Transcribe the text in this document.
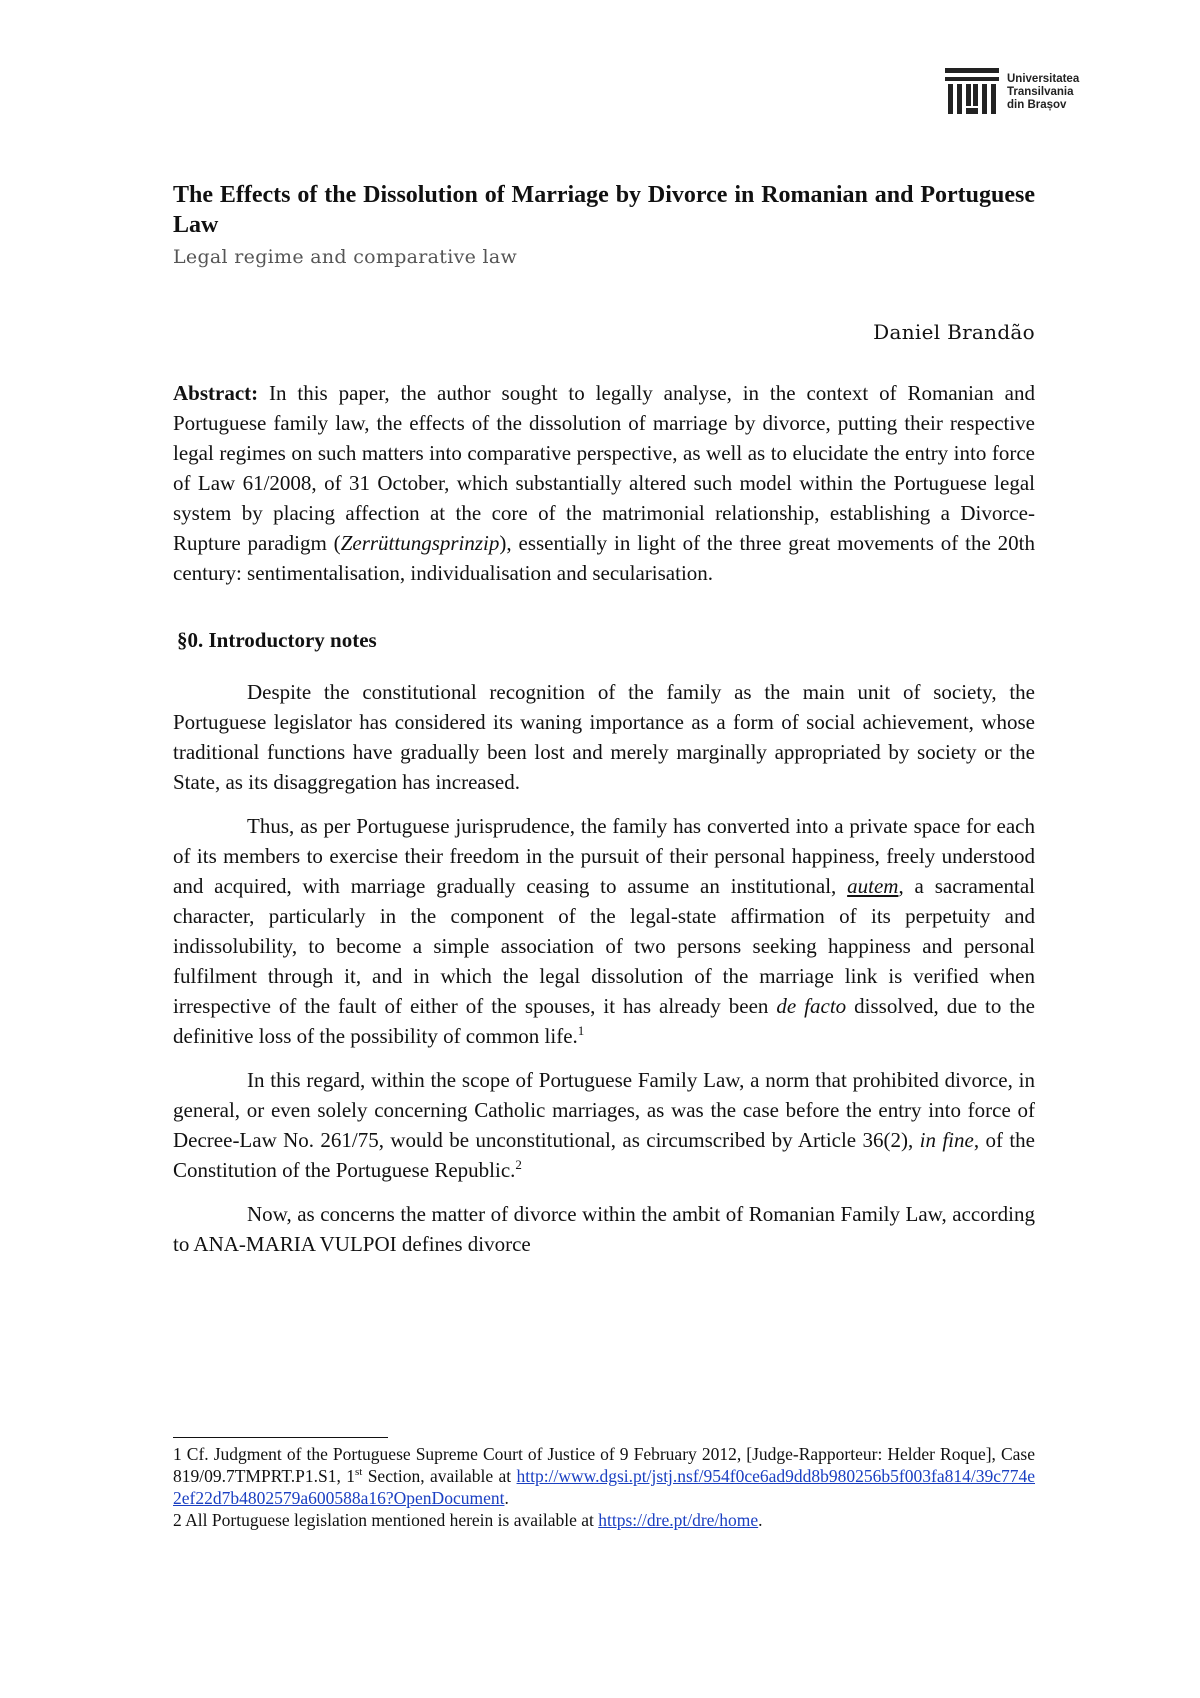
Universitatea
Transilvania
din Brașov
The Effects of the Dissolution of Marriage by Divorce in Romanian and Portuguese Law
Legal regime and comparative law
Daniel Brandão
Abstract: In this paper, the author sought to legally analyse, in the context of Romanian and Portuguese family law, the effects of the dissolution of marriage by divorce, putting their respective legal regimes on such matters into comparative perspective, as well as to elucidate the entry into force of Law 61/2008, of 31 October, which substantially altered such model within the Portuguese legal system by placing affection at the core of the matrimonial relationship, establishing a Divorce-Rupture paradigm (Zerrüttungsprinzip), essentially in light of the three great movements of the 20th century: sentimentalisation, individualisation and secularisation.
§0. Introductory notes

Despite the constitutional recognition of the family as the main unit of society, the Portuguese legislator has considered its waning importance as a form of social achievement, whose traditional functions have gradually been lost and merely marginally appropriated by society or the State, as its disaggregation has increased.

Thus, as per Portuguese jurisprudence, the family has converted into a private space for each of its members to exercise their freedom in the pursuit of their personal happiness, freely understood and acquired, with marriage gradually ceasing to assume an institutional, autem, a sacramental character, particularly in the component of the legal-state affirmation of its perpetuity and indissolubility, to become a simple association of two persons seeking happiness and personal fulfilment through it, and in which the legal dissolution of the marriage link is verified when irrespective of the fault of either of the spouses, it has already been de facto dissolved, due to the definitive loss of the possibility of common life.$^1$

In this regard, within the scope of Portuguese Family Law, a norm that prohibited divorce, in general, or even solely concerning Catholic marriages, as was the case before the entry into force of Decree-Law No. 261/75, would be unconstitutional, as circumscribed by Article 36(2), in fine, of the Constitution of the Portuguese Republic.$^2$

Now, as concerns the matter of divorce within the ambit of Romanian Family Law, according to ANA-MARIA VULPOI defines divorce

1 Cf. Judgment of the Portuguese Supreme Court of Justice of 9 February 2012, [Judge-Rapporteur: Helder Roque], Case 819/09.7TMPRT.P1.S1, 1st Section, available at http://www.dgsi.pt/jstj.nsf/954f0ce6ad9dd8b980256b5f003fa814/39c774e2ef22d7b4802579a600588a16?OpenDocument.
2 All Portuguese legislation mentioned herein is available at https://dre.pt/dre/home.
